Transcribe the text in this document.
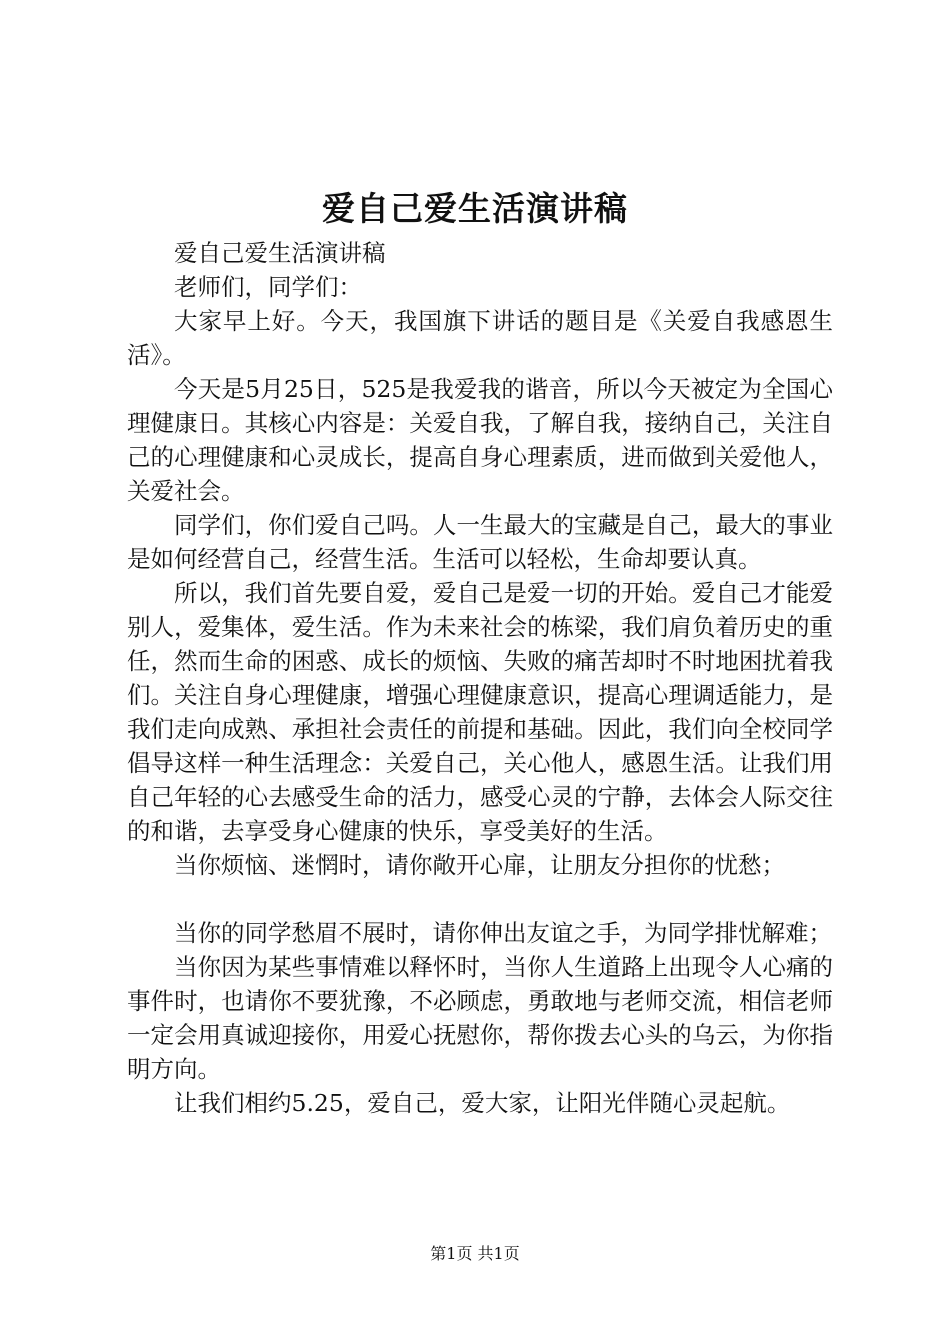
爱自己爱生活演讲稿

爱自己爱生活演讲稿

老师们，同学们：

大家早上好。今天，我国旗下讲话的题目是《关爱自我感恩生活》。

今天是5月25日，525是我爱我的谐音，所以今天被定为全国心理健康日。其核心内容是：关爱自我，了解自我，接纳自己，关注自己的心理健康和心灵成长，提高自身心理素质，进而做到关爱他人，关爱社会。

同学们，你们爱自己吗。人一生最大的宝藏是自己，最大的事业是如何经营自己，经营生活。生活可以轻松，生命却要认真。

所以，我们首先要自爱，爱自己是爱一切的开始。爱自己才能爱别人，爱集体，爱生活。作为未来社会的栋梁，我们肩负着历史的重任，然而生命的困惑、成长的烦恼、失败的痛苦却时不时地困扰着我们。关注自身心理健康，增强心理健康意识，提高心理调适能力，是我们走向成熟、承担社会责任的前提和基础。因此，我们向全校同学倡导这样一种生活理念：关爱自己，关心他人，感恩生活。让我们用自己年轻的心去感受生命的活力，感受心灵的宁静，去体会人际交往的和谐，去享受身心健康的快乐，享受美好的生活。

当你烦恼、迷惘时，请你敞开心扉，让朋友分担你的忧愁；

当你的同学愁眉不展时，请你伸出友谊之手，为同学排忧解难；

当你因为某些事情难以释怀时，当你人生道路上出现令人心痛的事件时，也请你不要犹豫，不必顾虑，勇敢地与老师交流，相信老师一定会用真诚迎接你，用爱心抚慰你，帮你拨去心头的乌云，为你指明方向。

让我们相约5.25，爱自己，爱大家，让阳光伴随心灵起航。

第1页 共1页
